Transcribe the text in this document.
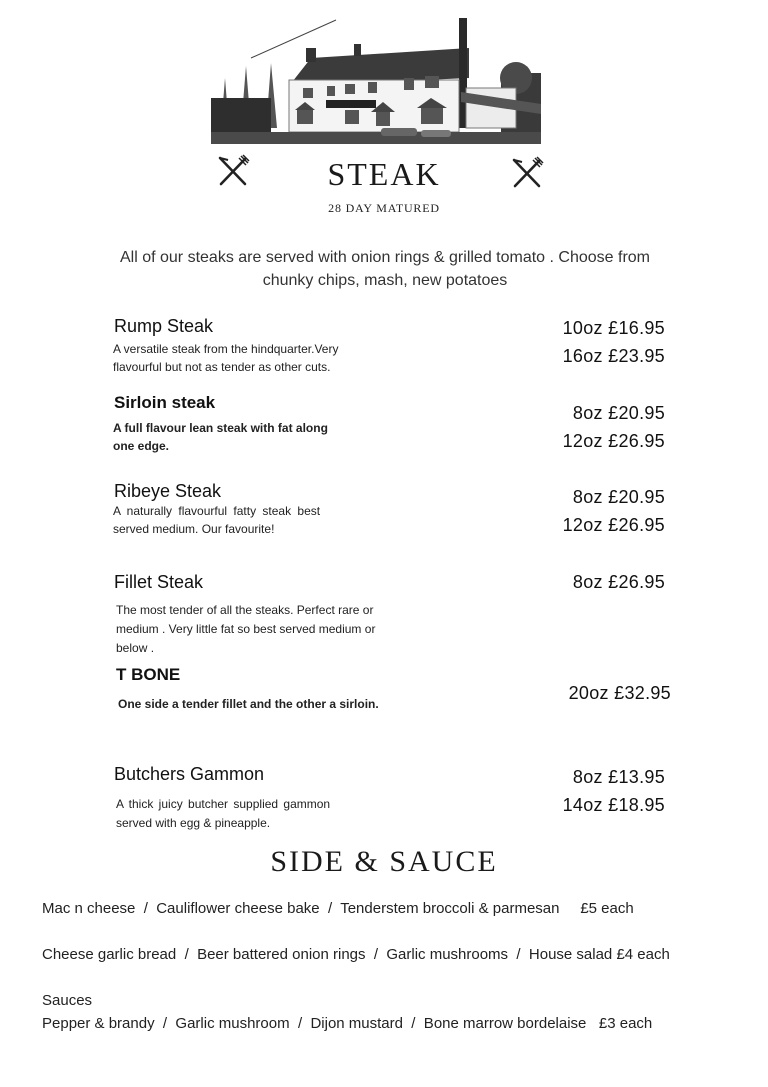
STEAK
28 DAY MATURED
All of our steaks are served with onion rings & grilled tomato . Choose from
chunky chips, mash, new potatoes
Rump Steak
A versatile steak from the hindquarter.Very
flavourful but not as tender as other cuts.
10oz £16.95
16oz £23.95
Sirloin steak
A full flavour lean steak with fat along
one edge.
8oz £20.95
12oz £26.95
Ribeye Steak
A naturally flavourful fatty steak best
served medium. Our favourite!
8oz £20.95
12oz £26.95
Fillet Steak
The most tender of all the steaks. Perfect rare or
medium . Very little fat so best served medium or
below .
8oz £26.95
T BONE
One side a tender fillet and the other a sirloin.
20oz £32.95
Butchers Gammon
A thick juicy butcher supplied gammon
served with egg & pineapple.
8oz £13.95
14oz £18.95
SIDE & SAUCE
Mac n cheese  /  Cauliflower cheese bake  /  Tenderstem broccoli & parmesan     £5 each
Cheese garlic bread  /  Beer battered onion rings  /  Garlic mushrooms  /  House salad £4 each
Sauces
Pepper & brandy  /  Garlic mushroom  /  Dijon mustard  /  Bone marrow bordelaise   £3 each
